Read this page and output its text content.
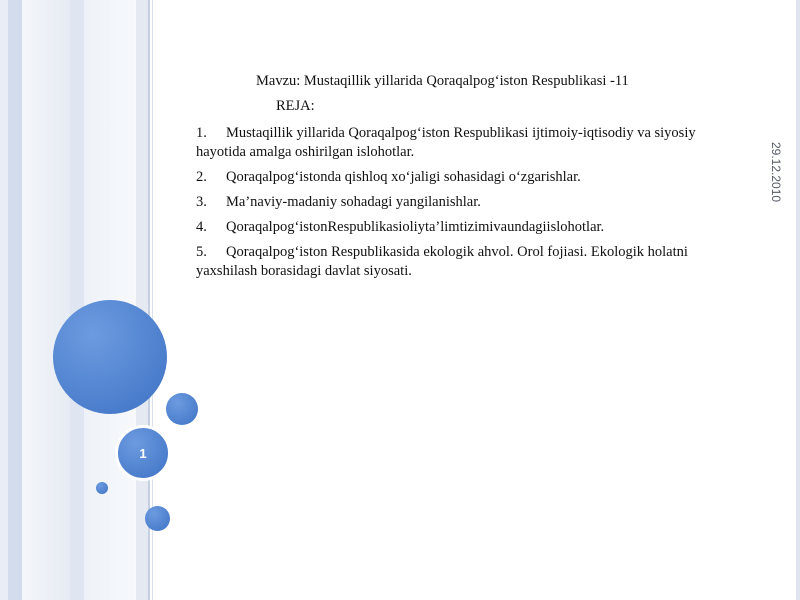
1
29.12.2010
Mavzu: Mustaqillik yillarida Qoraqalpog‘iston Respublikasi -11
REJA:
1. Mustaqillik yillarida Qoraqalpog‘iston Respublikasi ijtimoiy-iqtisodiy va siyosiy hayotida amalga oshirilgan islohotlar.
2. Qoraqalpog‘istonda qishloq xo‘jaligi sohasidagi o‘zgarishlar.
3. Ma’naviy-madaniy sohadagi yangilanishlar.
4. Qoraqalpog‘istonRespublikasioliyta’limtizimivaundagiislohotlar.
5. Qoraqalpog‘iston Respublikasida ekologik ahvol. Orol fojiasi. Ekologik holatni yaxshilash borasidagi davlat siyosati.
